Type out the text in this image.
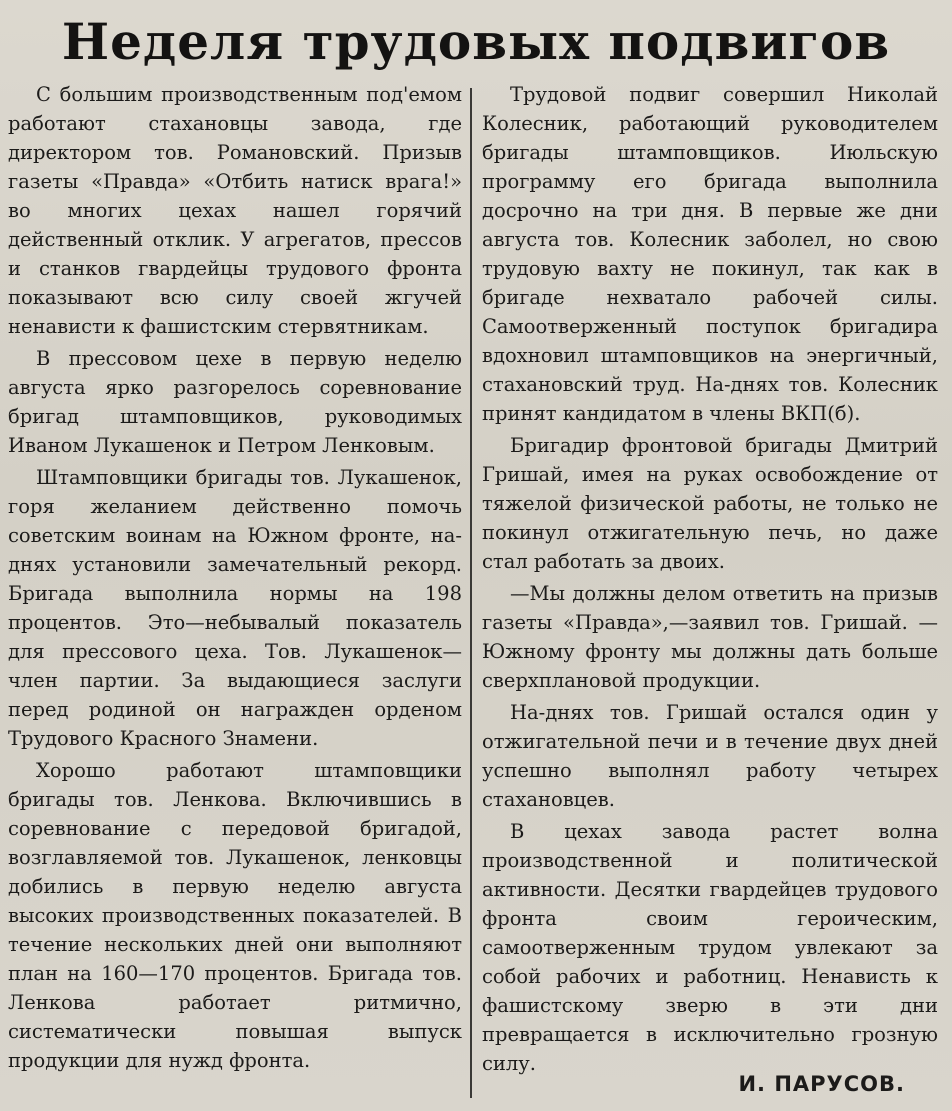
Неделя трудовых подвигов

С большим производственным под'емом работают стахановцы завода, где директором тов. Романовский. Призыв газеты «Правда» «Отбить натиск врага!» во многих цехах нашел горячий действенный отклик. У агрегатов, прессов и станков гвардейцы трудового фронта показывают всю силу своей жгучей ненависти к фашистским стервятникам.

В прессовом цехе в первую неделю августа ярко разгорелось соревнование бригад штамповщиков, руководимых Иваном Лукашенок и Петром Ленковым.

Штамповщики бригады тов. Лукашенок, горя желанием действенно помочь советским воинам на Южном фронте, на-днях установили замечательный рекорд. Бригада выполнила нормы на 198 процентов. Это—небывалый показатель для прессового цеха. Тов. Лукашенок—член партии. За выдающиеся заслуги перед родиной он награжден орденом Трудового Красного Знамени.

Хорошо работают штамповщики бригады тов. Ленкова. Включившись в соревнование с передовой бригадой, возглавляемой тов. Лукашенок, ленковцы добились в первую неделю августа высоких производственных показателей. В течение нескольких дней они выполняют план на 160—170 процентов. Бригада тов. Ленкова работает ритмично, систематически повышая выпуск продукции для нужд фронта.

Трудовой подвиг совершил Николай Колесник, работающий руководителем бригады штамповщиков. Июльскую программу его бригада выполнила досрочно на три дня. В первые же дни августа тов. Колесник заболел, но свою трудовую вахту не покинул, так как в бригаде нехватало рабочей силы. Самоотверженный поступок бригадира вдохновил штамповщиков на энергичный, стахановский труд. На-днях тов. Колесник принят кандидатом в члены ВКП(б).

Бригадир фронтовой бригады Дмитрий Гришай, имея на руках освобождение от тяжелой физической работы, не только не покинул отжигательную печь, но даже стал работать за двоих.

—Мы должны делом ответить на призыв газеты «Правда»,—заявил тов. Гришай. —Южному фронту мы должны дать больше сверхплановой продукции.

На-днях тов. Гришай остался один у отжигательной печи и в течение двух дней успешно выполнял работу четырех стахановцев.

В цехах завода растет волна производственной и политической активности. Десятки гвардейцев трудового фронта своим героическим, самоотверженным трудом увлекают за собой рабочих и работниц. Ненависть к фашистскому зверю в эти дни превращается в исключительно грозную силу.

И. ПАРУСОВ.
